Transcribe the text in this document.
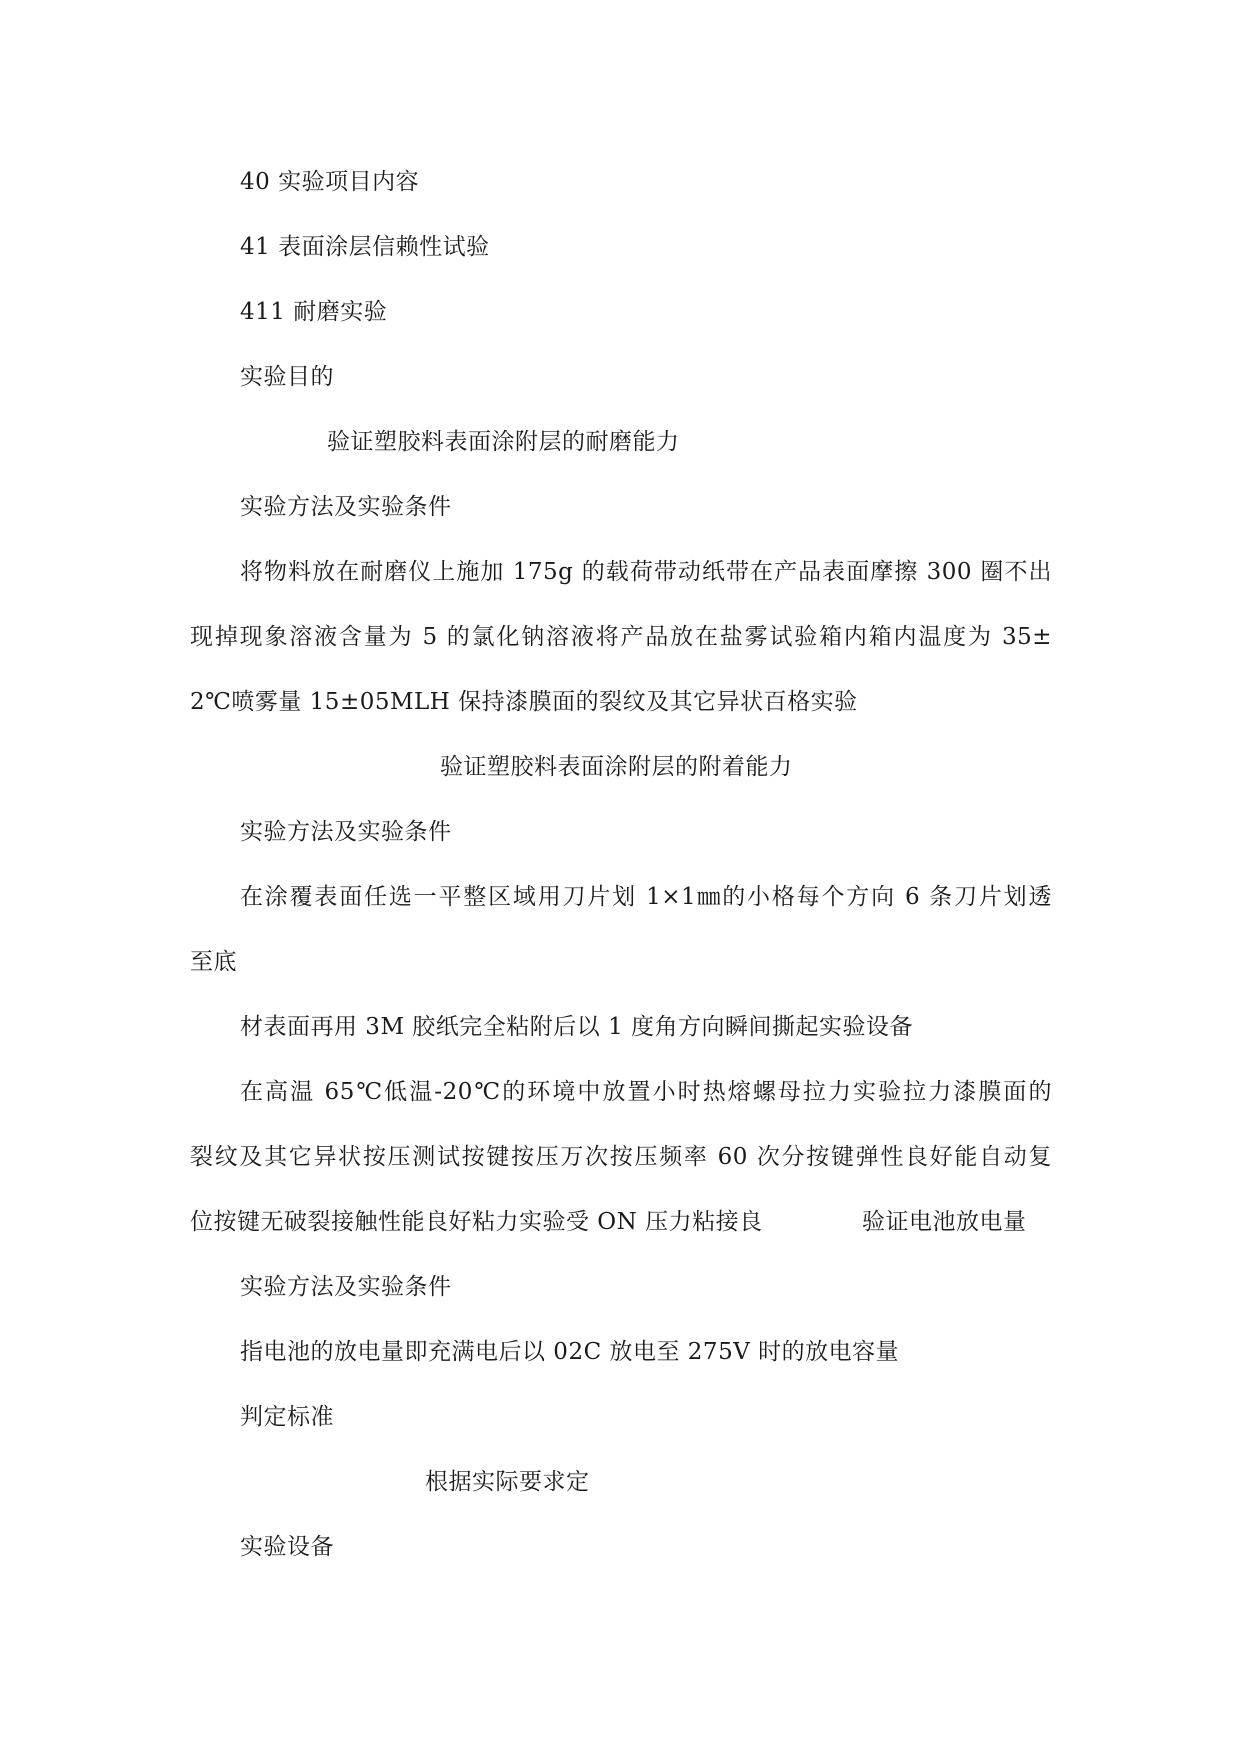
40 实验项目内容
41 表面涂层信赖性试验
411 耐磨实验
实验目的
验证塑胶料表面涂附层的耐磨能力
实验方法及实验条件
将物料放在耐磨仪上施加 175g 的载荷带动纸带在产品表面摩擦 300 圈不出
现掉现象溶液含量为 5 的氯化钠溶液将产品放在盐雾试验箱内箱内温度为 35±
2℃喷雾量 15±05MLH 保持漆膜面的裂纹及其它异状百格实验
验证塑胶料表面涂附层的附着能力
实验方法及实验条件
在涂覆表面任选一平整区域用刀片划 1×1㎜的小格每个方向 6 条刀片划透
至底
材表面再用 3M 胶纸完全粘附后以 1 度角方向瞬间撕起实验设备
在高温 65℃低温-20℃的环境中放置小时热熔螺母拉力实验拉力漆膜面的
裂纹及其它异状按压测试按键按压万次按压频率 60 次分按键弹性良好能自动复
位按键无破裂接触性能良好粘力实验受 ON 压力粘接良	验证电池放电量
实验方法及实验条件
指电池的放电量即充满电后以 02C 放电至 275V 时的放电容量
判定标准
根据实际要求定
实验设备
